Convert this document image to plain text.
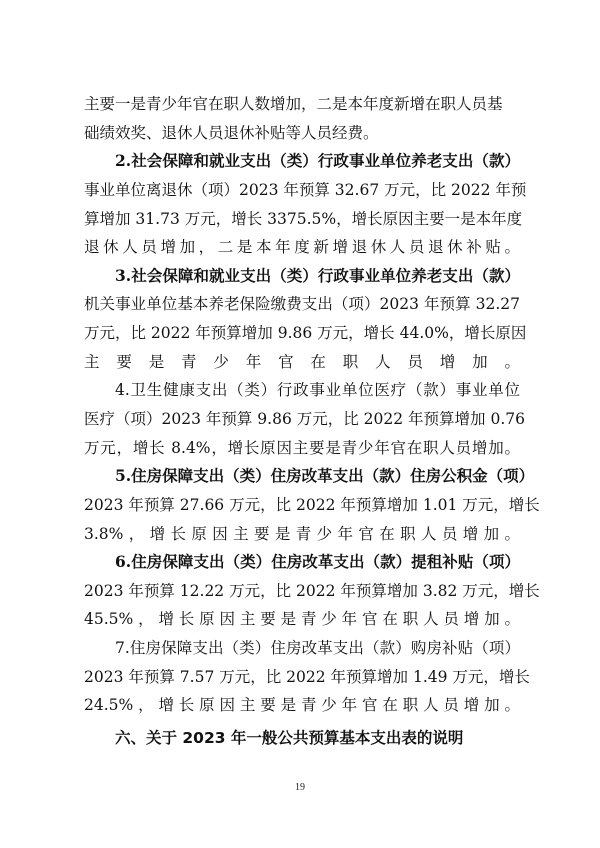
主要一是青少年官在职人数增加，二是本年度新增在职人员基
础绩效奖、退休人员退休补贴等人员经费。
2.社会保障和就业支出（类）行政事业单位养老支出（款）
事业单位离退休（项）2023 年预算 32.67 万元，比 2022 年预
算增加 31.73 万元，增长 3375.5%，增长原因主要一是本年度
退休人员增加，二是本年度新增退休人员退休补贴。
3.社会保障和就业支出（类）行政事业单位养老支出（款）
机关事业单位基本养老保险缴费支出（项）2023 年预算 32.27
万元，比 2022 年预算增加 9.86 万元，增长 44.0%，增长原因
主要是青少年官在职人员增加。
4.卫生健康支出（类）行政事业单位医疗（款）事业单位
医疗（项）2023 年预算 9.86 万元，比 2022 年预算增加 0.76
万元，增长 8.4%，增长原因主要是青少年官在职人员增加。
5.住房保障支出（类）住房改革支出（款）住房公积金（项）
2023 年预算 27.66 万元，比 2022 年预算增加 1.01 万元，增长
3.8%，增长原因主要是青少年官在职人员增加。
6.住房保障支出（类）住房改革支出（款）提租补贴（项）
2023 年预算 12.22 万元，比 2022 年预算增加 3.82 万元，增长
45.5%，增长原因主要是青少年官在职人员增加。
7.住房保障支出（类）住房改革支出（款）购房补贴（项）
2023 年预算 7.57 万元，比 2022 年预算增加 1.49 万元，增长
24.5%，增长原因主要是青少年官在职人员增加。
六、关于 2023 年一般公共预算基本支出表的说明
19
